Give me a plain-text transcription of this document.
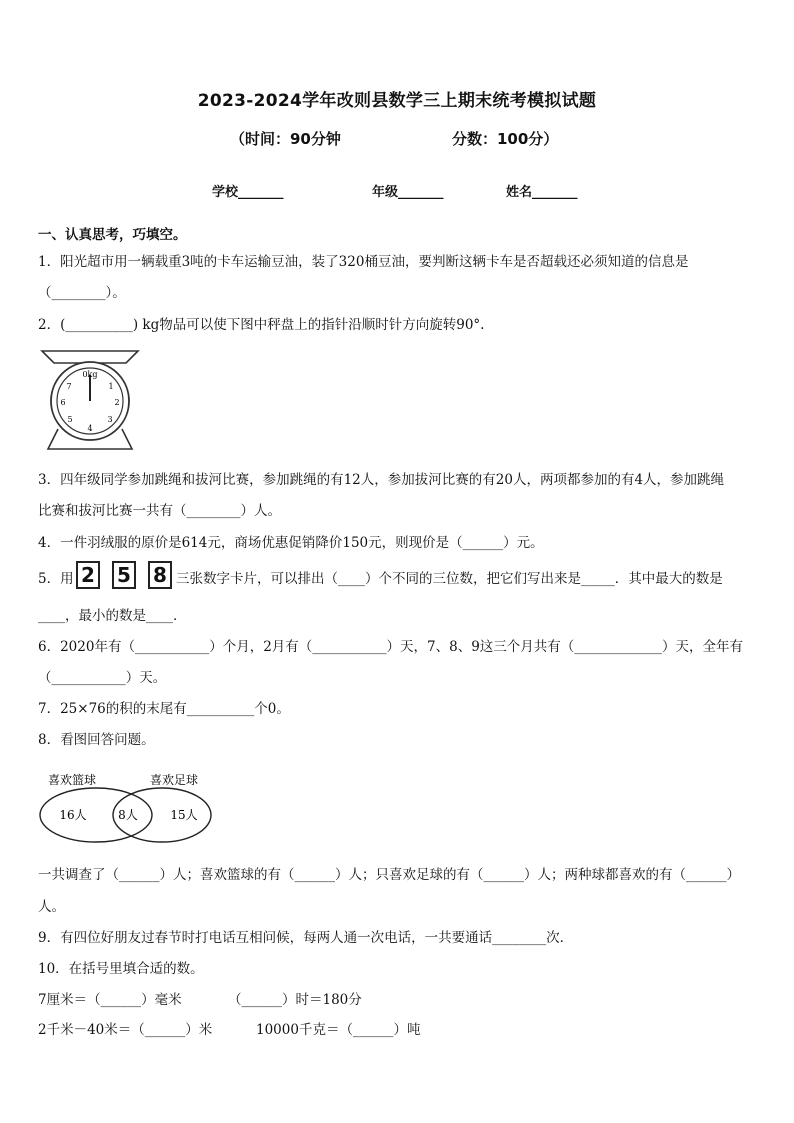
2023-2024学年改则县数学三上期末统考模拟试题
（时间：90分钟	分数：100分）
学校_______	年级_______	姓名_______
一、认真思考，巧填空。
1．阳光超市用一辆载重3吨的卡车运输豆油，装了320桶豆油，要判断这辆卡车是否超载还必须知道的信息是
（________）。
2．(__________) kg物品可以使下图中秤盘上的指针沿顺时针方向旋转90°.
0kg
1
2
3
4
5
6
7
3．四年级同学参加跳绳和拔河比赛，参加跳绳的有12人，参加拔河比赛的有20人，两项都参加的有4人，参加跳绳
比赛和拔河比赛一共有（________）人。
4．一件羽绒服的原价是614元，商场优惠促销降价150元，则现价是（______）元。
5．用 2 5 8 三张数字卡片，可以排出（____）个不同的三位数，把它们写出来是_____．其中最大的数是
____，最小的数是____．
6．2020年有（___________）个月，2月有（___________）天，7、8、9这三个月共有（_____________）天，全年有
（___________）天。
7．25×76的积的末尾有__________个0。
8．看图回答问题。
喜欢篮球	喜欢足球
16人	8人	15人
一共调查了（______）人；喜欢篮球的有（______）人；只喜欢足球的有（______）人；两种球都喜欢的有（______）
人。
9．有四位好朋友过春节时打电话互相问候，每两人通一次电话，一共要通话________次．
10．在括号里填合适的数。
7厘米＝（______）毫米	（______）时＝180分
2千米－40米＝（______）米	10000千克＝（______）吨
